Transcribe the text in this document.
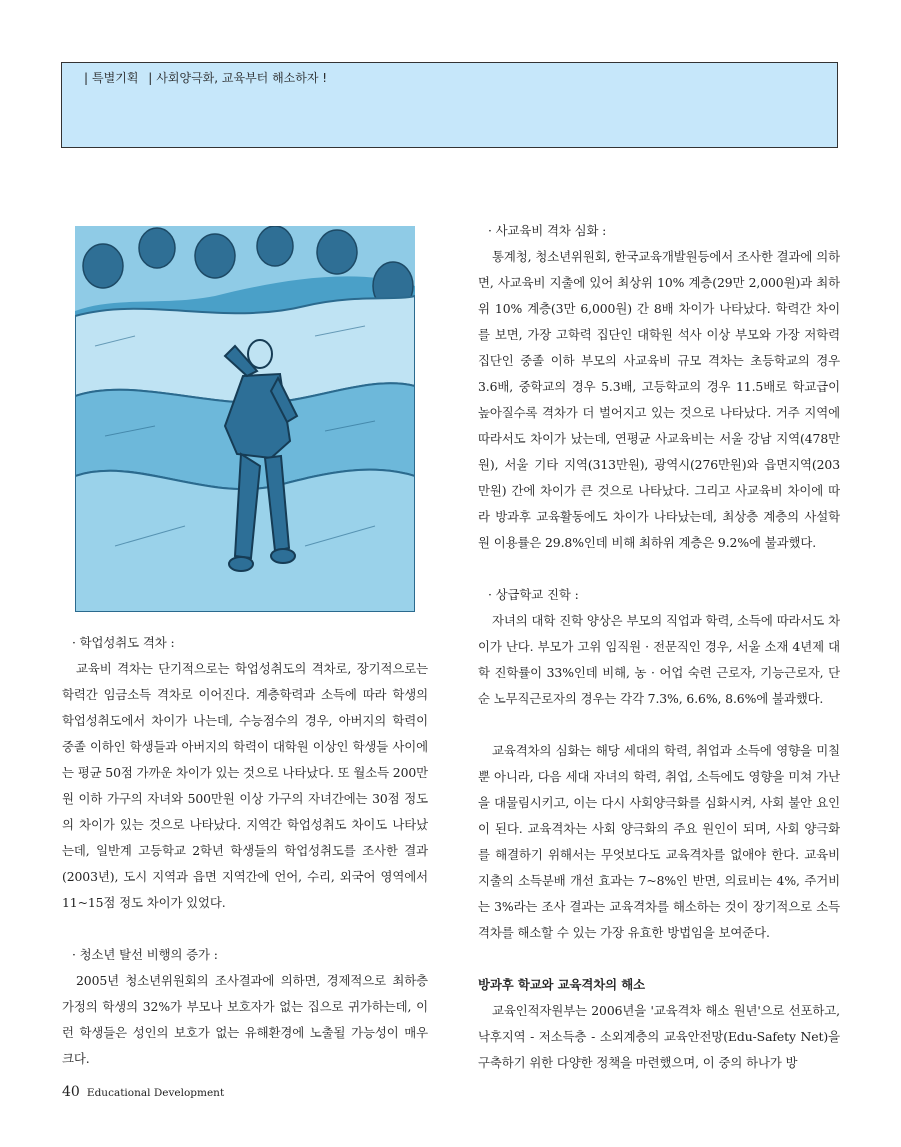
| 특별기획 | 사회양극화, 교육부터 해소하자 !

· 학업성취도 격차 :

교육비 격차는 단기적으로는 학업성취도의 격차로, 장기적으로는 학력간 임금소득 격차로 이어진다. 계층학력과 소득에 따라 학생의 학업성취도에서 차이가 나는데, 수능점수의 경우, 아버지의 학력이 중졸 이하인 학생들과 아버지의 학력이 대학원 이상인 학생들 사이에는 평균 50점 가까운 차이가 있는 것으로 나타났다. 또 월소득 200만원 이하 가구의 자녀와 500만원 이상 가구의 자녀간에는 30점 정도의 차이가 있는 것으로 나타났다. 지역간 학업성취도 차이도 나타났는데, 일반계 고등학교 2학년 학생들의 학업성취도를 조사한 결과(2003년), 도시 지역과 읍면 지역간에 언어, 수리, 외국어 영역에서 11~15점 정도 차이가 있었다.

· 청소년 탈선 비행의 증가 :

2005년 청소년위원회의 조사결과에 의하면, 경제적으로 최하층 가정의 학생의 32%가 부모나 보호자가 없는 집으로 귀가하는데, 이런 학생들은 성인의 보호가 없는 유해환경에 노출될 가능성이 매우 크다.

· 사교육비 격차 심화 :

통계청, 청소년위원회, 한국교육개발원등에서 조사한 결과에 의하면, 사교육비 지출에 있어 최상위 10% 계층(29만 2,000원)과 최하위 10% 계층(3만 6,000원) 간 8배 차이가 나타났다. 학력간 차이를 보면, 가장 고학력 집단인 대학원 석사 이상 부모와 가장 저학력 집단인 중졸 이하 부모의 사교육비 규모 격차는 초등학교의 경우 3.6배, 중학교의 경우 5.3배, 고등학교의 경우 11.5배로 학교급이 높아질수록 격차가 더 벌어지고 있는 것으로 나타났다. 거주 지역에 따라서도 차이가 났는데, 연평균 사교육비는 서울 강남 지역(478만원), 서울 기타 지역(313만원), 광역시(276만원)와 읍면지역(203만원) 간에 차이가 큰 것으로 나타났다. 그리고 사교육비 차이에 따라 방과후 교육활동에도 차이가 나타났는데, 최상층 계층의 사설학원 이용률은 29.8%인데 비해 최하위 계층은 9.2%에 불과했다.

· 상급학교 진학 :

자녀의 대학 진학 양상은 부모의 직업과 학력, 소득에 따라서도 차이가 난다. 부모가 고위 임직원 · 전문직인 경우, 서울 소재 4년제 대학 진학률이 33%인데 비해, 농 · 어업 숙련 근로자, 기능근로자, 단순 노무직근로자의 경우는 각각 7.3%, 6.6%, 8.6%에 불과했다.

교육격차의 심화는 해당 세대의 학력, 취업과 소득에 영향을 미칠 뿐 아니라, 다음 세대 자녀의 학력, 취업, 소득에도 영향을 미쳐 가난을 대물림시키고, 이는 다시 사회양극화를 심화시켜, 사회 불안 요인이 된다. 교육격차는 사회 양극화의 주요 원인이 되며, 사회 양극화를 해결하기 위해서는 무엇보다도 교육격차를 없애야 한다. 교육비 지출의 소득분배 개선 효과는 7~8%인 반면, 의료비는 4%, 주거비는 3%라는 조사 결과는 교육격차를 해소하는 것이 장기적으로 소득격차를 해소할 수 있는 가장 유효한 방법임을 보여준다.

방과후 학교와 교육격차의 해소

교육인적자원부는 2006년을 '교육격차 해소 원년'으로 선포하고, 낙후지역 - 저소득층 - 소외계층의 교육안전망(Edu-Safety Net)을 구축하기 위한 다양한 정책을 마련했으며, 이 중의 하나가 방

40 Educational Development
